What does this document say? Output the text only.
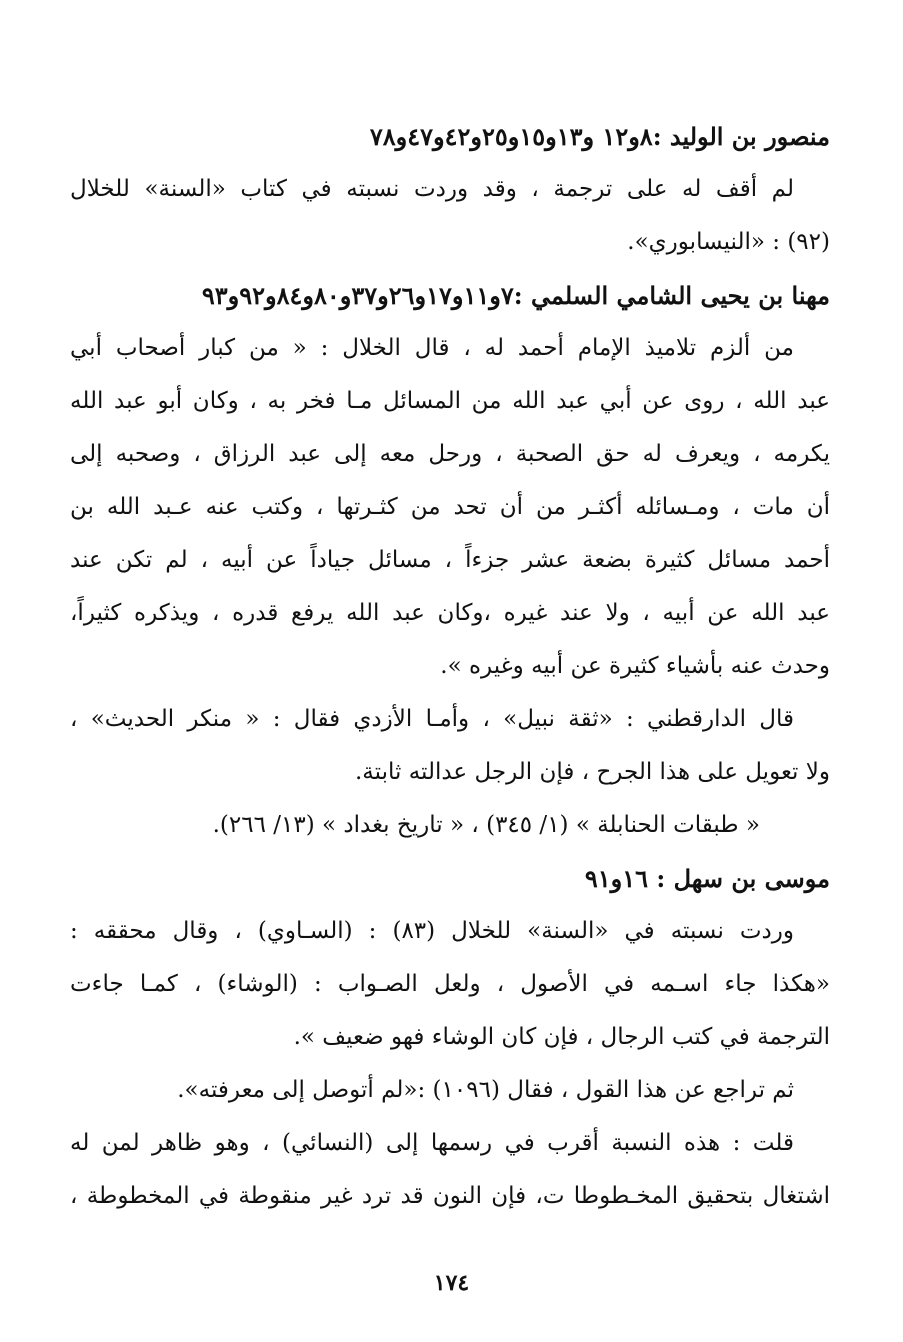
منصور بن الوليد :٨و١٢ و١٣و١٥و٢٥و٤٢و٤٧و٧٨
لم أقف له على ترجمة ، وقد وردت نسبته في كتاب «السنة» للخلال
(٩٢) : «النيسابوري».
مهنا بن يحيى الشامي السلمي :٧و١١و١٧و٢٦و٣٧و٨٠و٨٤و٩٢و٩٣
من ألزم تلاميذ الإمام أحمد له ، قال الخلال : « من كبار أصحاب أبي
عبد الله ، روى عن أبي عبد الله من المسائل مـا فخر به ، وكان أبو عبد الله
يكرمه ، ويعرف له حق الصحبة ، ورحل معه إلى عبد الرزاق ، وصحبه إلى
أن مات ، ومـسائله أكثـر من أن تحد من كثـرتها ، وكتب عنه عـبد الله بن
أحمد مسائل كثيرة بضعة عشر جزءاً ، مسائل جياداً عن أبيه ، لم تكن عند
عبد الله عن أبيه ، ولا عند غيره ،وكان عبد الله يرفع قدره ، ويذكره كثيراً،
وحدث عنه بأشياء كثيرة عن أبيه وغيره ».
قال الدارقطني : «ثقة نبيل» ، وأمـا الأزدي فقال : « منكر الحديث» ،
ولا تعويل على هذا الجرح ، فإن الرجل عدالته ثابتة.
« طبقات الحنابلة » (١/ ٣٤٥) ، « تاريخ بغداد » (١٣/ ٢٦٦).
موسى بن سهل : ١٦و٩١
وردت نسبته في «السنة» للخلال (٨٣) : (السـاوي) ، وقال محققه :
«هكذا جاء اسـمه في الأصول ، ولعل الصـواب : (الوشاء) ، كمـا جاءت
الترجمة في كتب الرجال ، فإن كان الوشاء فهو ضعيف ».
ثم تراجع عن هذا القول ، فقال (١٠٩٦) :«لم أتوصل إلى معرفته».
قلت : هذه النسبة أقرب في رسمها إلى (النسائي) ، وهو ظاهر لمن له
اشتغال بتحقيق المخـطوطا ت، فإن النون قد ترد غير منقوطة في المخطوطة ،
١٧٤
